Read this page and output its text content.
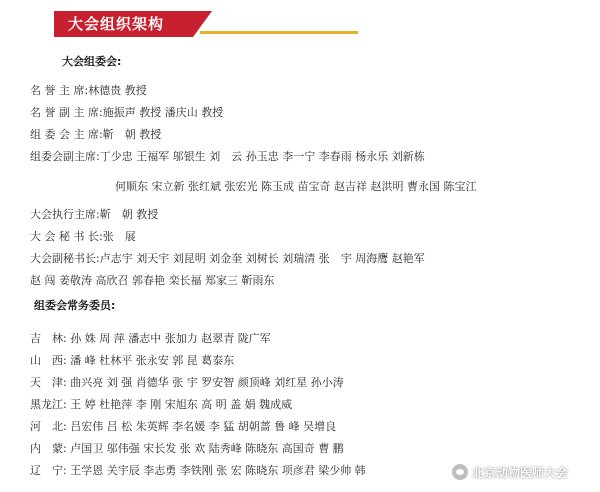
大会组织架构
大会组委会:
名 誉 主 席:林德贵 教授
名 誉 副 主 席:施振声 教授 潘庆山 教授
组 委 会 主 席:靳　朝 教授
组委会副主席:丁少忠 王福军 邬银生 刘　云 孙玉忠 李一宁 李春雨 杨永乐 刘新栋
何顺东 宋立新 张红斌 张宏光 陈玉成 苗宝奇 赵吉祥 赵洪明 曹永国 陈宝江
大会执行主席:靳　朝 教授
大 会 秘 书 长:张　展
大会副秘书长:卢志宇 刘天宇 刘昆明 刘金奎 刘树长 刘瑞清 张　宇 周海鹰 赵艳军
赵 闯 姜敬涛 高欣召 郭春艳 栾长福 郑家三 靳雨东
组委会常务委员:
吉　林: 孙 姝 周 萍 潘志中 张加力 赵翠青 陇广军
山　西: 潘 峰 杜林平 张永安 郭 昆 葛泰东
天　津: 曲兴亮 刘 强 肖德华 张 宇 罗安智 颜顶峰 刘红星 孙小涛
黑龙江: 王 婷 杜艳萍 李 刚 宋旭东 高 明 盖 娟 魏成威
河　北: 吕宏伟 吕 松 朱英辉 李名媛 李 猛 胡朝蔷 鲁 峰 吴增良
内　蒙: 卢国卫 邬伟强 宋长发 张 欢 陆秀峰 陈晓东 高国奇 曹 鹏
辽　宁: 王学恩 关宇辰 李志勇 李铁刚 张 宏 陈晓东 项彦君 梁少帅 韩	北京动物医师大会
